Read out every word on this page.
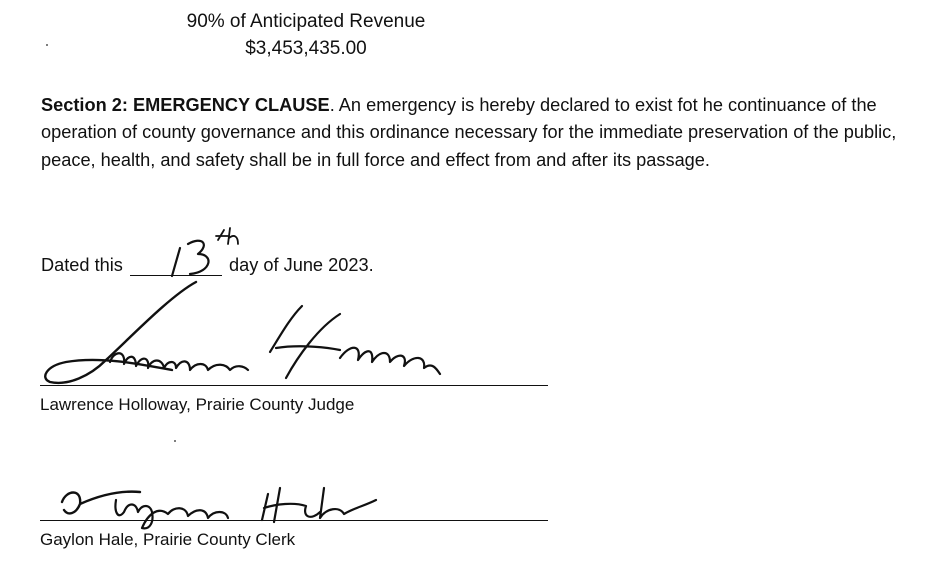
90% of Anticipated Revenue
$3,453,435.00
Section 2: EMERGENCY CLAUSE. An emergency is hereby declared to exist fot he continuance of the operation of county governance and this ordinance necessary for the immediate preservation of the public, peace, health, and safety shall be in full force and effect from and after its passage.
Dated this	day of June 2023.
Lawrence Holloway, Prairie County Judge
Gaylon Hale, Prairie County Clerk
